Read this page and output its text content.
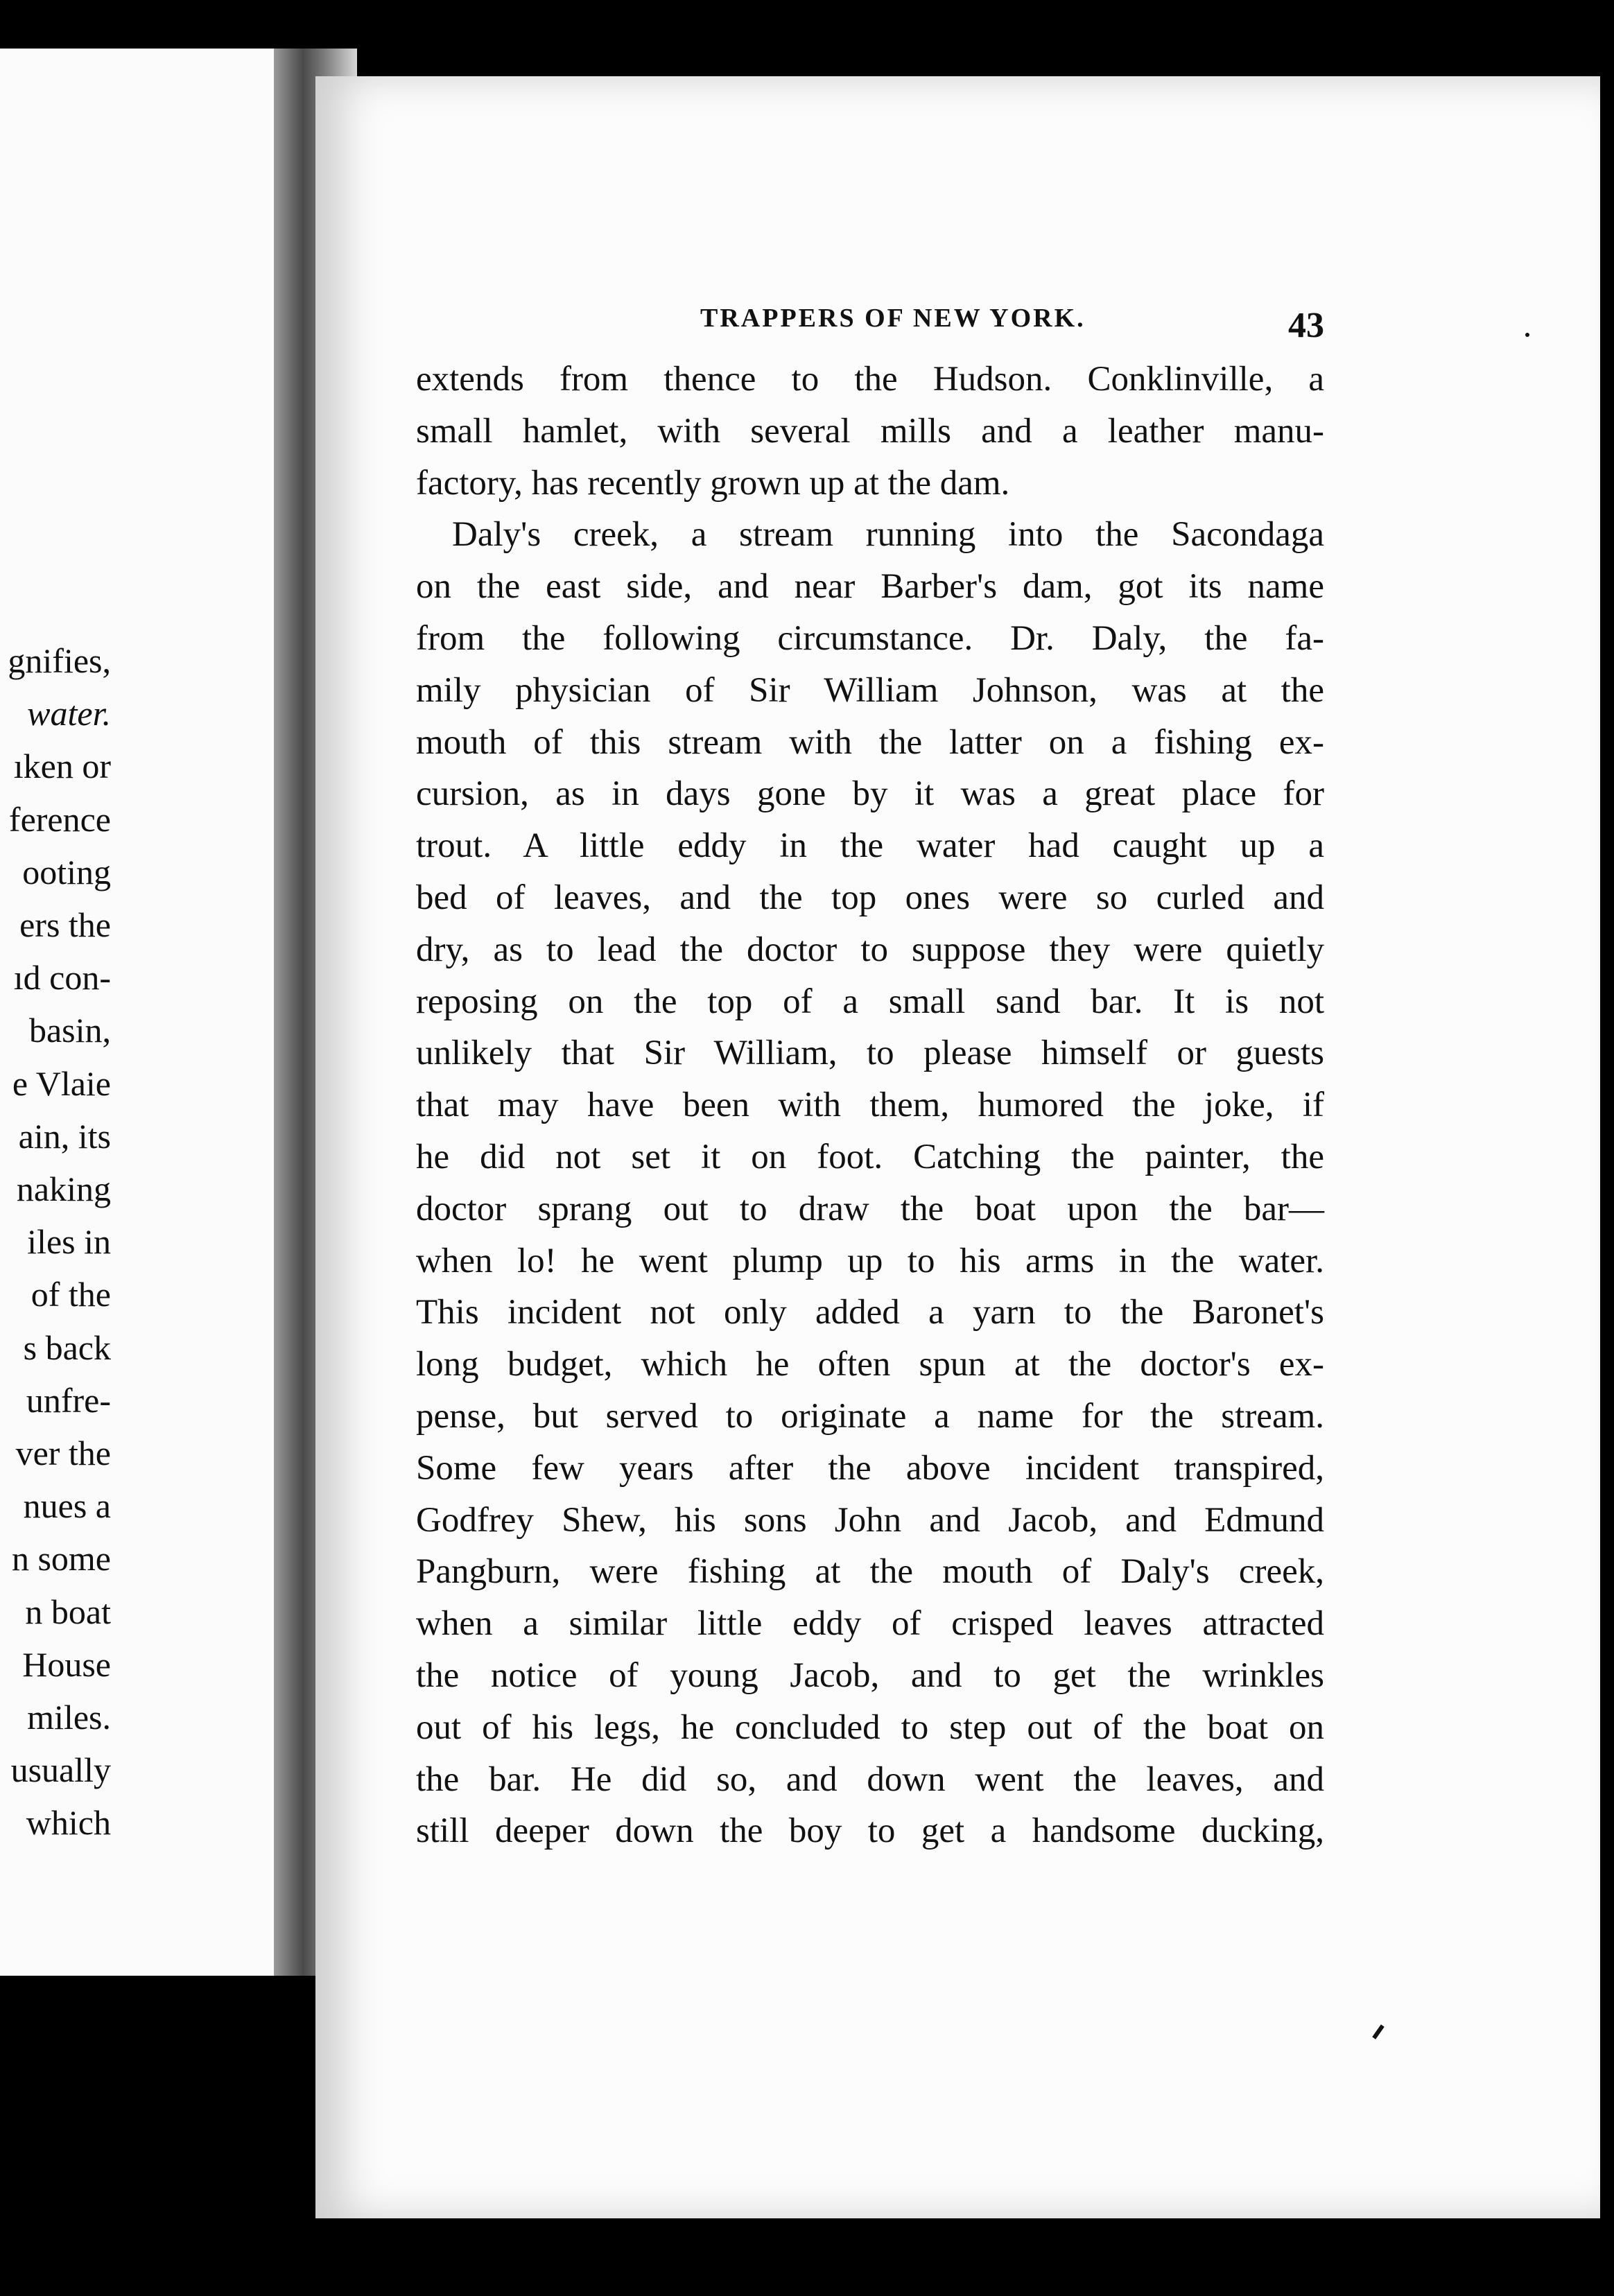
gnifies,
water.
ıken or
ference
ooting
ers the
ıd con-
basin,
e Vlaie
ain, its
naking
iles in
of the
s back
unfre-
ver the
nues a
n some
n boat
House
miles.
usually
which
TRAPPERS OF NEW YORK.	43
extends from thence to the Hudson. Conklinville, a
small hamlet, with several mills and a leather manu-
factory, has recently grown up at the dam.
Daly's creek, a stream running into the Sacondaga
on the east side, and near Barber's dam, got its name
from the following circumstance. Dr. Daly, the fa-
mily physician of Sir William Johnson, was at the
mouth of this stream with the latter on a fishing ex-
cursion, as in days gone by it was a great place for
trout. A little eddy in the water had caught up a
bed of leaves, and the top ones were so curled and
dry, as to lead the doctor to suppose they were quietly
reposing on the top of a small sand bar. It is not
unlikely that Sir William, to please himself or guests
that may have been with them, humored the joke, if
he did not set it on foot. Catching the painter, the
doctor sprang out to draw the boat upon the bar—
when lo! he went plump up to his arms in the water.
This incident not only added a yarn to the Baronet's
long budget, which he often spun at the doctor's ex-
pense, but served to originate a name for the stream.
Some few years after the above incident transpired,
Godfrey Shew, his sons John and Jacob, and Edmund
Pangburn, were fishing at the mouth of Daly's creek,
when a similar little eddy of crisped leaves attracted
the notice of young Jacob, and to get the wrinkles
out of his legs, he concluded to step out of the boat on
the bar. He did so, and down went the leaves, and
still deeper down the boy to get a handsome ducking,
